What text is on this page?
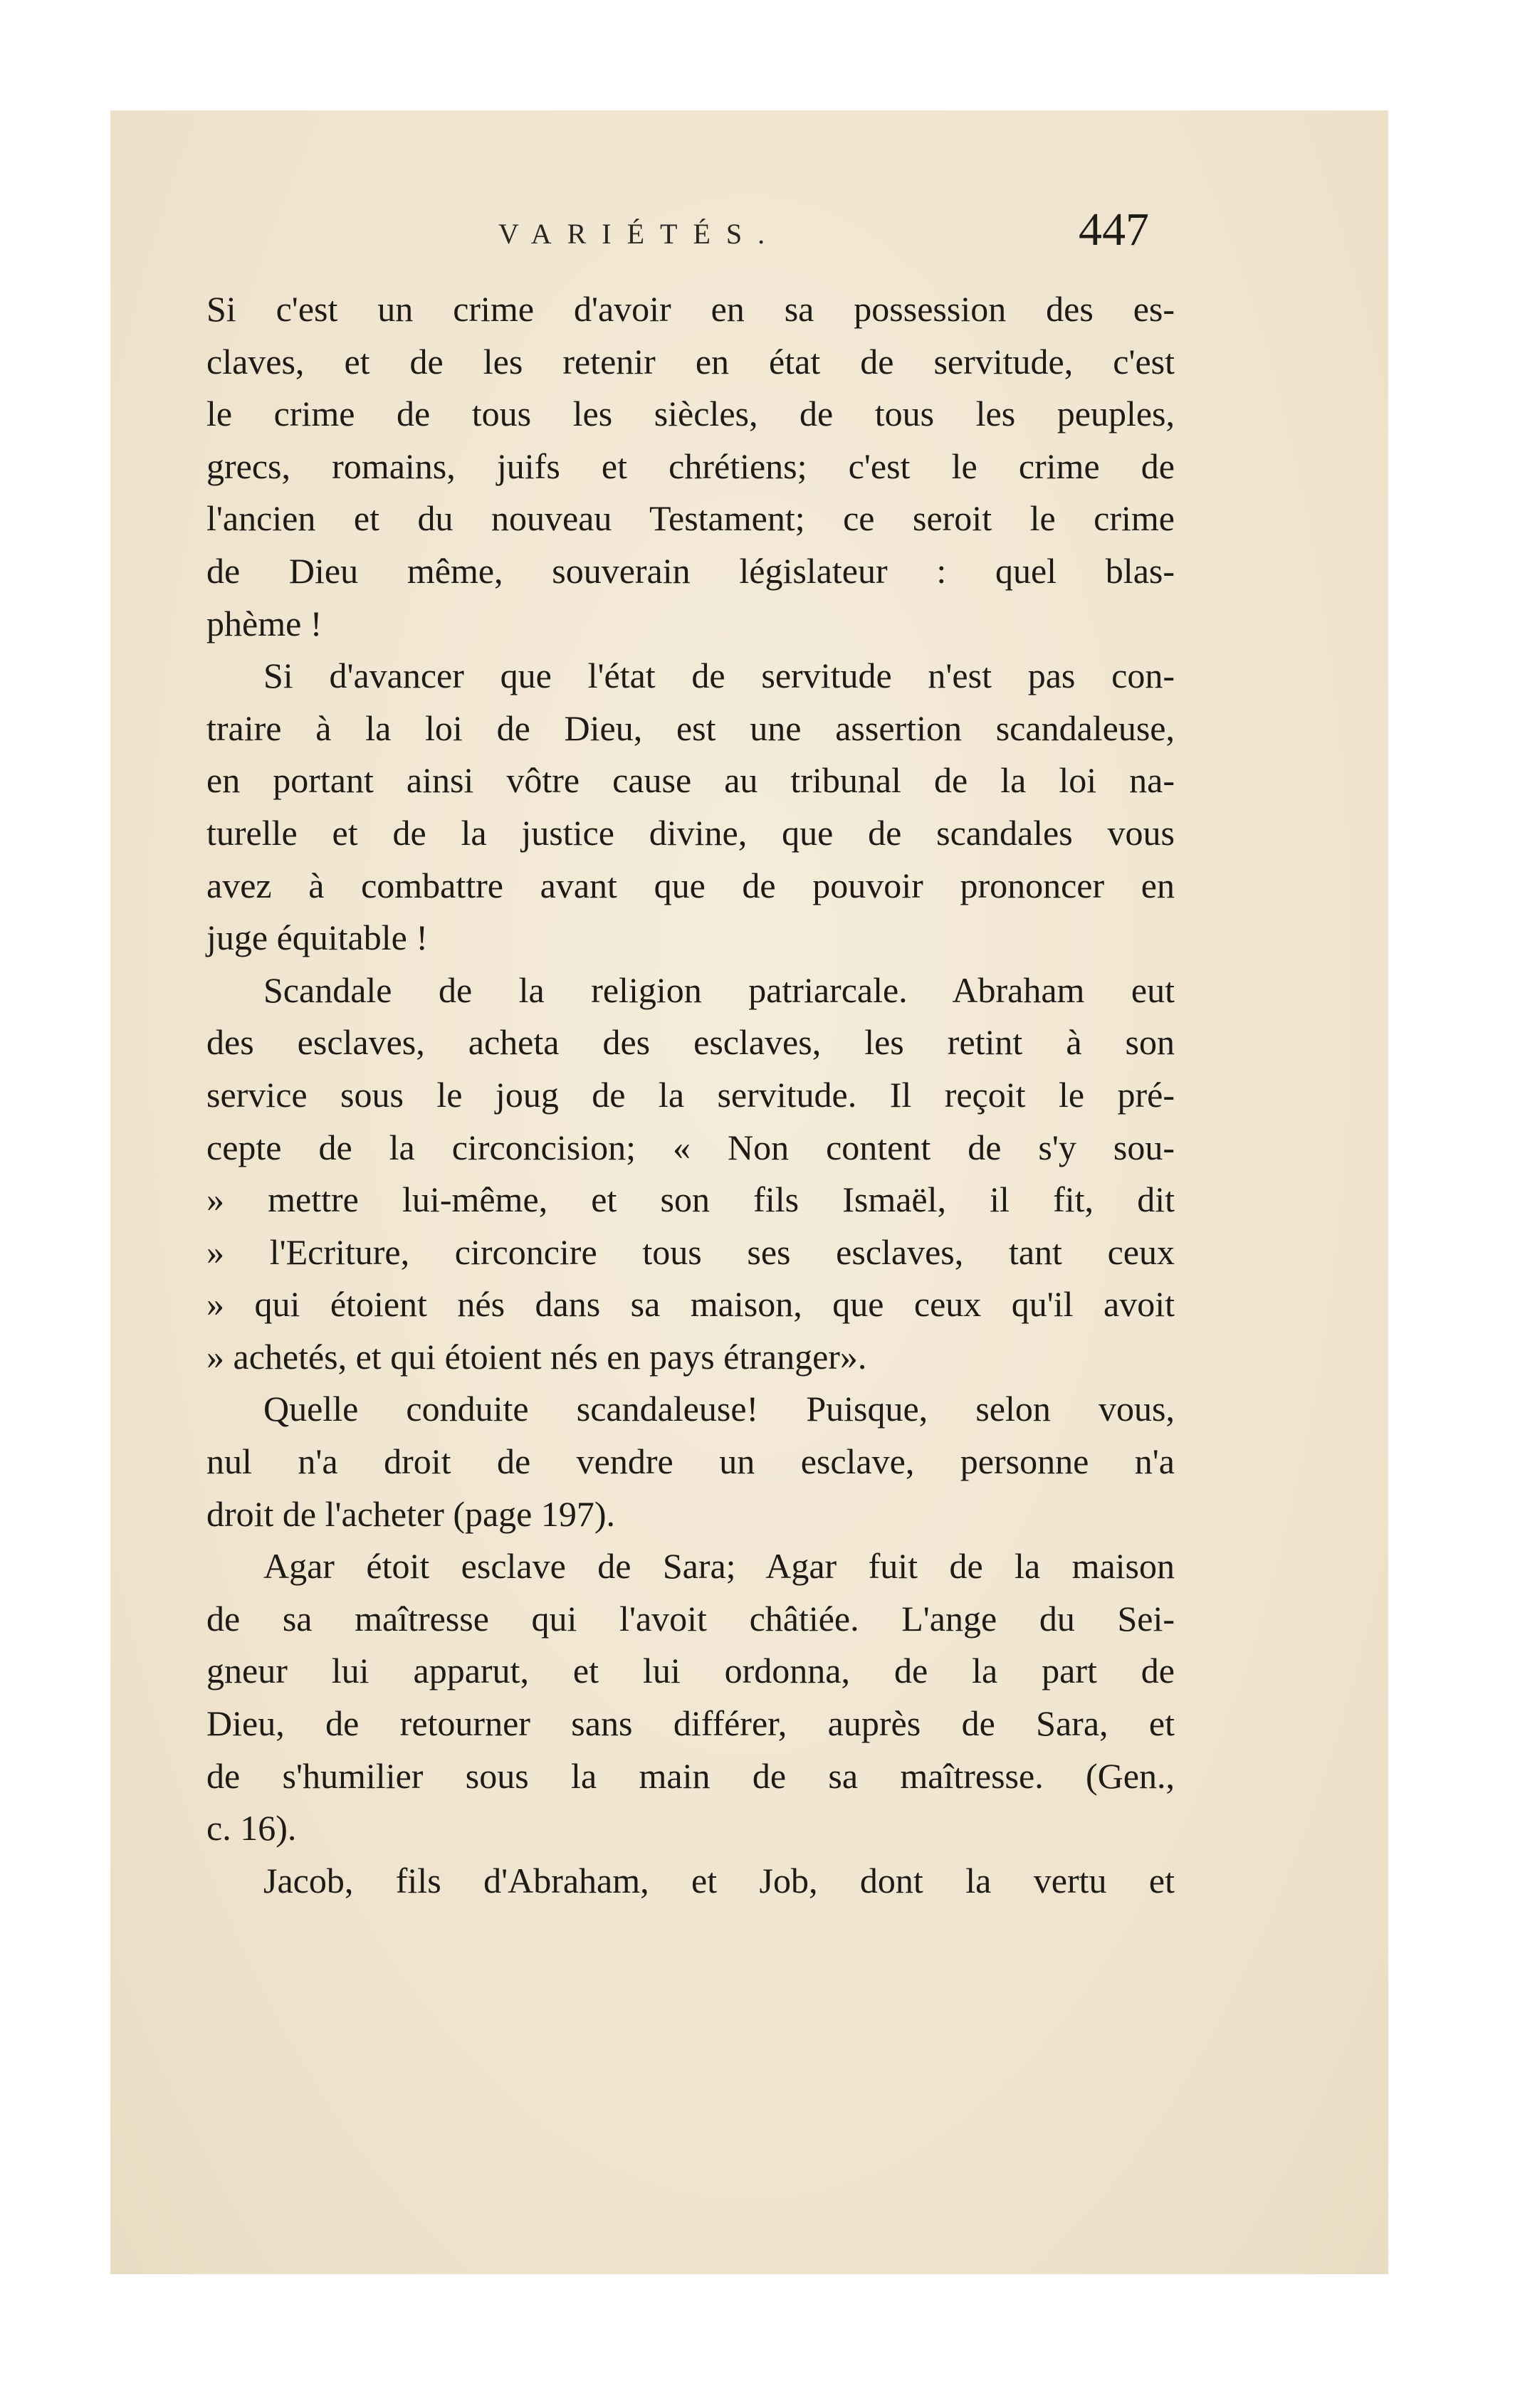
VARIÉTÉS.	447
Si c'est un crime d'avoir en sa possession des es-
claves, et de les retenir en état de servitude, c'est
le crime de tous les siècles, de tous les peuples,
grecs, romains, juifs et chrétiens; c'est le crime de
l'ancien et du nouveau Testament; ce seroit le crime
de Dieu même, souverain législateur : quel blas-
phème !
Si d'avancer que l'état de servitude n'est pas con-
traire à la loi de Dieu, est une assertion scandaleuse,
en portant ainsi vôtre cause au tribunal de la loi na-
turelle et de la justice divine, que de scandales vous
avez à combattre avant que de pouvoir prononcer en
juge équitable !
Scandale de la religion patriarcale. Abraham eut
des esclaves, acheta des esclaves, les retint à son
service sous le joug de la servitude. Il reçoit le pré-
cepte de la circoncision; « Non content de s'y sou-
» mettre lui-même, et son fils Ismaël, il fit, dit
» l'Ecriture, circoncire tous ses esclaves, tant ceux
» qui étoient nés dans sa maison, que ceux qu'il avoit
» achetés, et qui étoient nés en pays étranger».
Quelle conduite scandaleuse! Puisque, selon vous,
nul n'a droit de vendre un esclave, personne n'a
droit de l'acheter (page 197).
Agar étoit esclave de Sara; Agar fuit de la maison
de sa maîtresse qui l'avoit châtiée. L'ange du Sei-
gneur lui apparut, et lui ordonna, de la part de
Dieu, de retourner sans différer, auprès de Sara, et
de s'humilier sous la main de sa maîtresse. (Gen.,
c. 16).
Jacob, fils d'Abraham, et Job, dont la vertu et
